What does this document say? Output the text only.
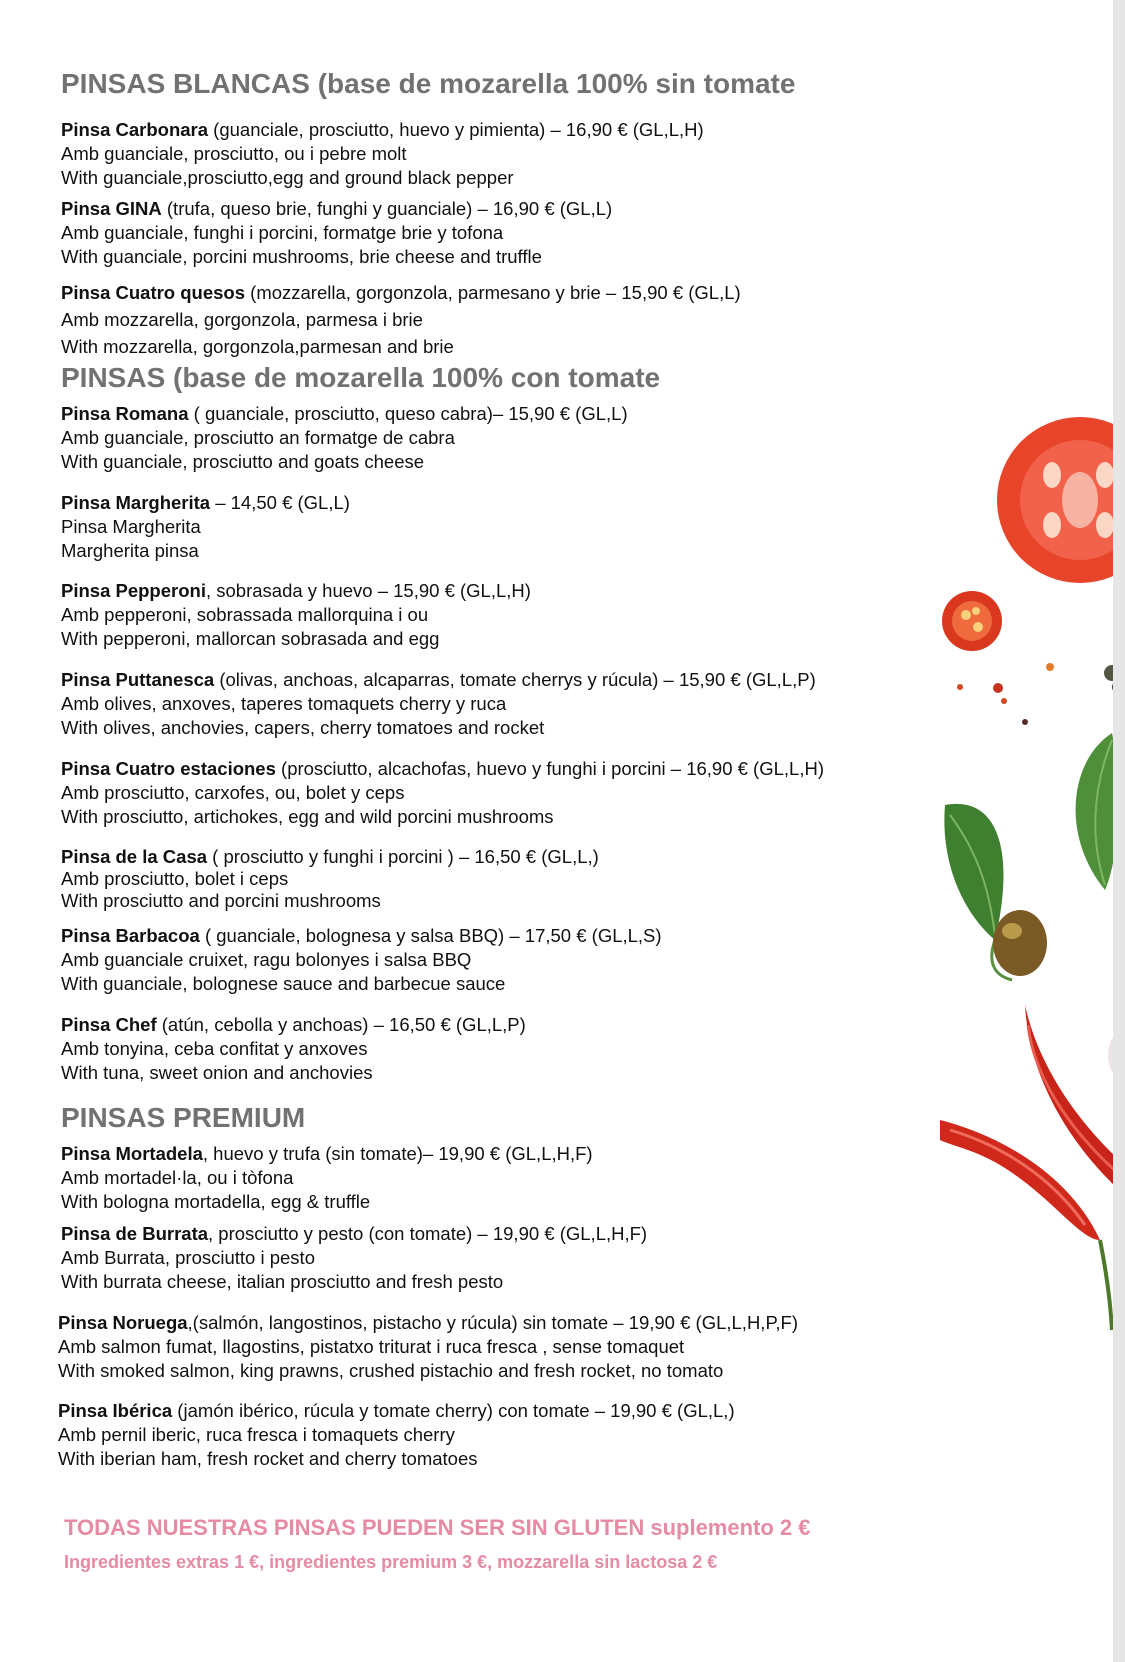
PINSAS BLANCAS (base de mozarella 100% sin tomate
Pinsa Carbonara (guanciale, prosciutto, huevo y pimienta) – 16,90 € (GL,L,H)
Amb guanciale, prosciutto, ou i pebre molt
With guanciale,prosciutto,egg and ground black pepper
Pinsa GINA (trufa, queso brie, funghi y guanciale) – 16,90 € (GL,L)
Amb guanciale, funghi i porcini, formatge brie y tofona
With guanciale, porcini mushrooms, brie cheese and truffle
Pinsa Cuatro quesos (mozzarella, gorgonzola, parmesano y brie – 15,90 € (GL,L)
Amb mozzarella, gorgonzola, parmesa i brie
With mozzarella, gorgonzola,parmesan and brie
PINSAS (base de mozarella 100% con tomate
Pinsa Romana ( guanciale, prosciutto, queso cabra)– 15,90 € (GL,L)
Amb guanciale, prosciutto an formatge de cabra
With guanciale, prosciutto and goats cheese
Pinsa Margherita – 14,50 € (GL,L)
Pinsa Margherita
Margherita pinsa
Pinsa Pepperoni, sobrasada y huevo – 15,90 € (GL,L,H)
Amb pepperoni, sobrassada mallorquina i ou
With pepperoni, mallorcan sobrasada and egg
Pinsa Puttanesca (olivas, anchoas, alcaparras, tomate cherrys y rúcula) – 15,90 € (GL,L,P)
Amb olives, anxoves, taperes tomaquets cherry y ruca
With olives, anchovies, capers, cherry tomatoes and rocket
Pinsa Cuatro estaciones (prosciutto, alcachofas, huevo y funghi i porcini – 16,90 € (GL,L,H)
Amb prosciutto, carxofes, ou, bolet y ceps
With prosciutto, artichokes, egg and wild porcini mushrooms
Pinsa de la Casa ( prosciutto y funghi i porcini ) – 16,50 € (GL,L,)
Amb prosciutto, bolet i ceps
With prosciutto and porcini mushrooms
Pinsa Barbacoa ( guanciale, bolognesa y salsa BBQ) – 17,50 € (GL,L,S)
Amb guanciale cruixet, ragu bolonyes i salsa BBQ
With guanciale, bolognese sauce and barbecue sauce
Pinsa Chef (atún, cebolla y anchoas) – 16,50 € (GL,L,P)
Amb tonyina, ceba confitat y anxoves
With tuna, sweet onion and anchovies
PINSAS PREMIUM
Pinsa Mortadela, huevo y trufa (sin tomate)– 19,90 € (GL,L,H,F)
Amb mortadel·la, ou i tòfona
With bologna mortadella, egg & truffle
Pinsa de Burrata, prosciutto y pesto (con tomate) – 19,90 € (GL,L,H,F)
Amb Burrata, prosciutto i pesto
With burrata cheese, italian prosciutto and fresh pesto
Pinsa Noruega,(salmón, langostinos, pistacho y rúcula) sin tomate – 19,90 € (GL,L,H,P,F)
Amb salmon fumat, llagostins, pistatxo triturat i ruca fresca , sense tomaquet
With smoked salmon, king prawns, crushed pistachio and fresh rocket, no tomato
Pinsa Ibérica (jamón ibérico, rúcula y tomate cherry) con tomate – 19,90 € (GL,L,)
Amb pernil iberic, ruca fresca i tomaquets cherry
With iberian ham, fresh rocket and cherry tomatoes
TODAS NUESTRAS PINSAS PUEDEN SER SIN GLUTEN suplemento 2 €
Ingredientes extras 1 €, ingredientes premium 3 €, mozzarella sin lactosa 2 €
